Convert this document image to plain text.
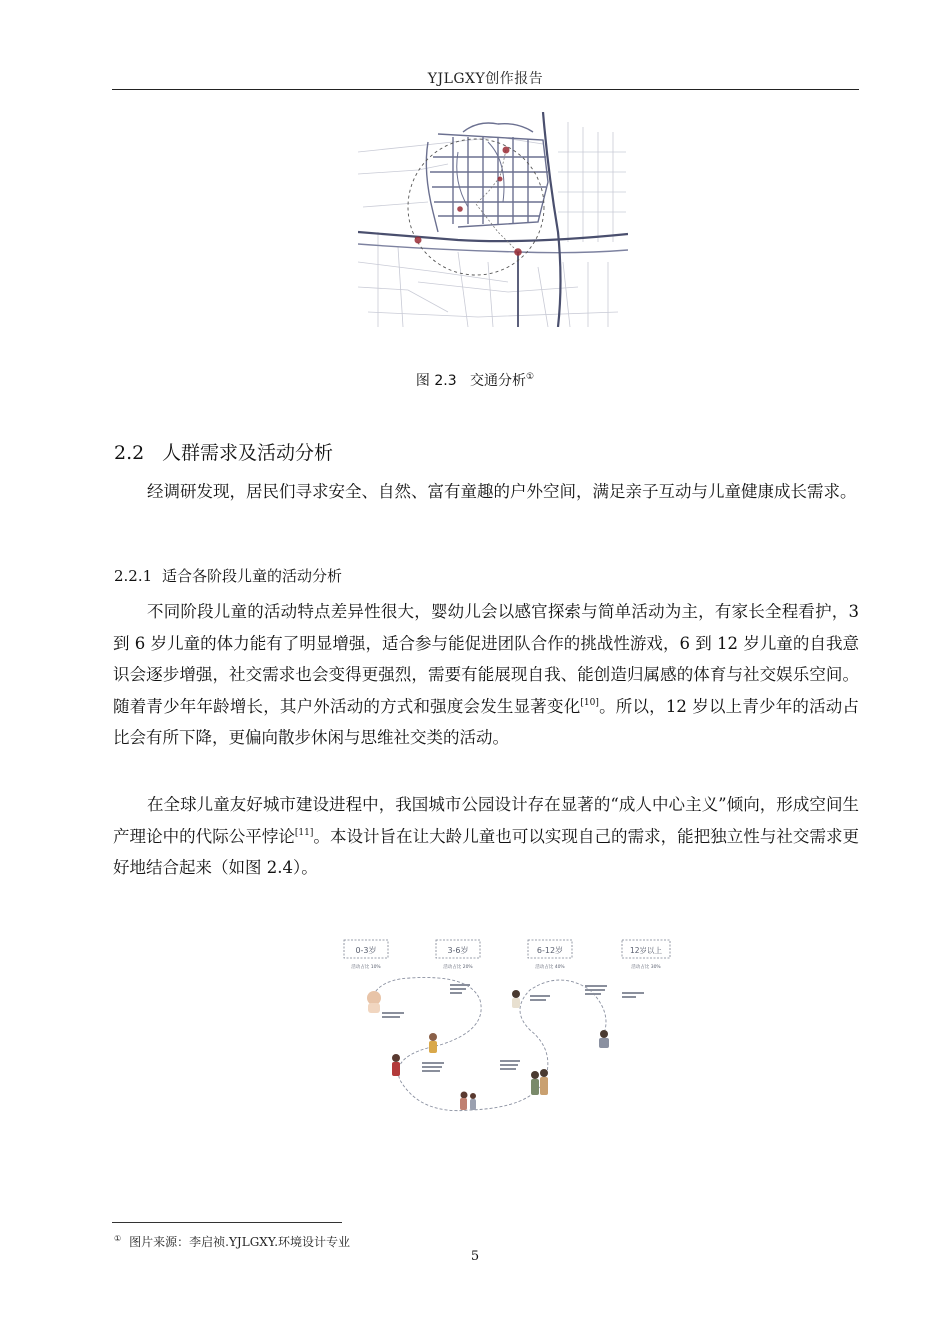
YJLGXY创作报告
图 2.3 交通分析①
2.2 人群需求及活动分析

经调研发现，居民们寻求安全、自然、富有童趣的户外空间，满足亲子互动与儿童健康成长需求。

2.2.1 适合各阶段儿童的活动分析

不同阶段儿童的活动特点差异性很大，婴幼儿会以感官探索与简单活动为主，有家长全程看护，3 到 6 岁儿童的体力能有了明显增强，适合参与能促进团队合作的挑战性游戏，6 到 12 岁儿童的自我意识会逐步增强，社交需求也会变得更强烈，需要有能展现自我、能创造归属感的体育与社交娱乐空间。随着青少年年龄增长，其户外活动的方式和强度会发生显著变化[10]。所以，12 岁以上青少年的活动占比会有所下降，更偏向散步休闲与思维社交类的活动。

在全球儿童友好城市建设进程中，我国城市公园设计存在显著的“成人中心主义”倾向，形成空间生产理论中的代际公平悖论[11]。本设计旨在让大龄儿童也可以实现自己的需求，能把独立性与社交需求更好地结合起来（如图 2.4）。

0-3岁
活动占比 10%
3-6岁
活动占比 20%
6-12岁
活动占比 40%
12岁以上
活动占比 30%
① 图片来源：李启祯.YJLGXY.环境设计专业
5
